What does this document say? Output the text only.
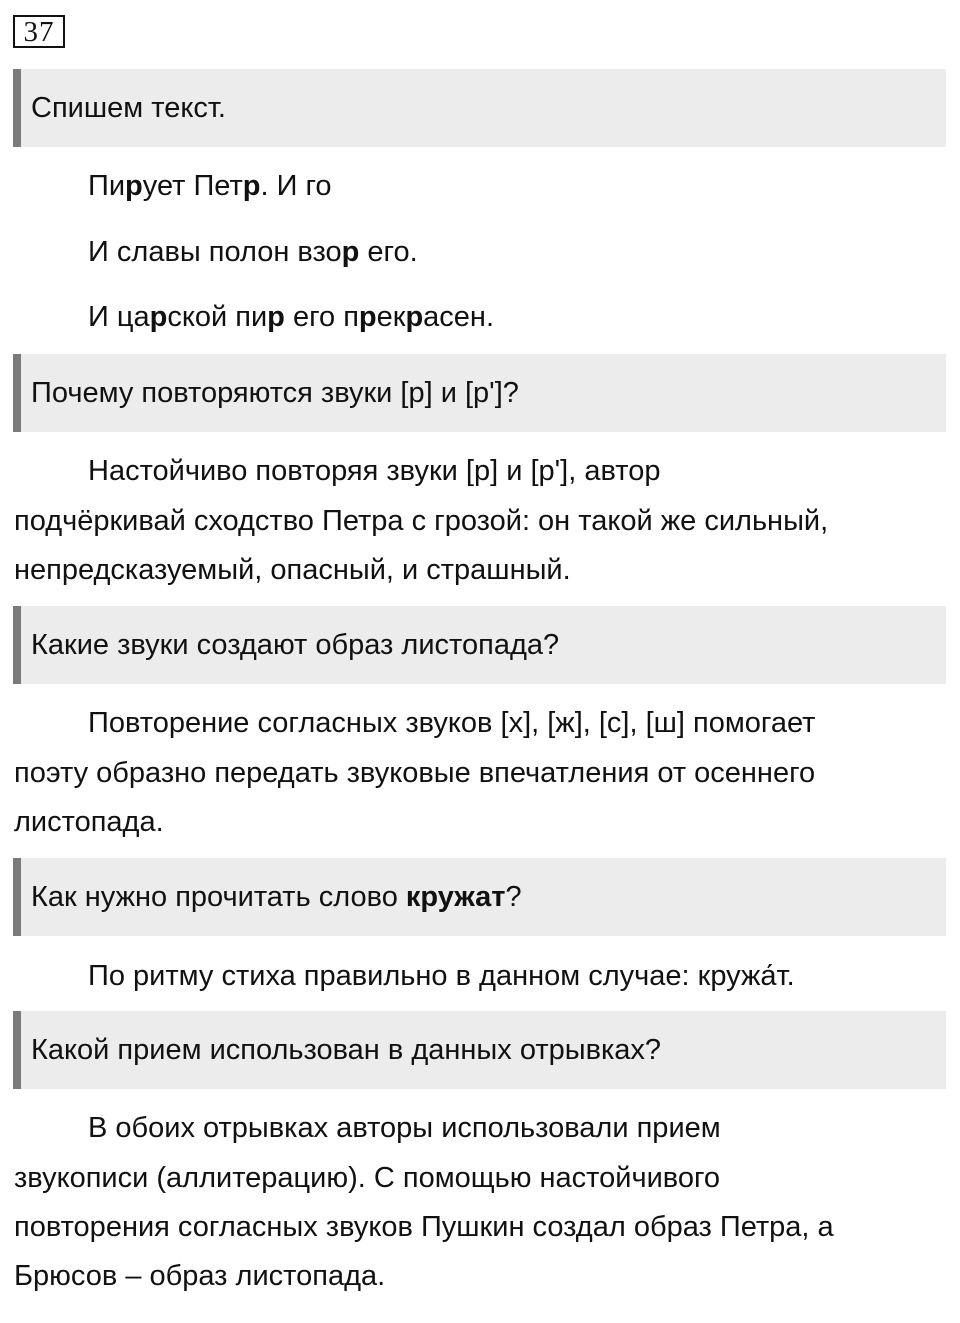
37
Спишем текст.
Пирует Петр. И го
И славы полон взор его.
И царской пир его прекрасен.
Почему повторяются звуки [р] и [р']?
Настойчиво повторяя звуки [р] и [р'], автор
подчёркивай сходство Петра с грозой: он такой же сильный,
непредсказуемый, опасный, и страшный.
Какие звуки создают образ листопада?
Повторение согласных звуков [х], [ж], [с], [ш] помогает
поэту образно передать звуковые впечатления от осеннего
листопада.
Как нужно прочитать слово кружат?
По ритму стиха правильно в данном случае: кружа́т.
Какой прием использован в данных отрывках?
В обоих отрывках авторы использовали прием
звукописи (аллитерацию). С помощью настойчивого
повторения согласных звуков Пушкин создал образ Петра, а
Брюсов – образ листопада.
